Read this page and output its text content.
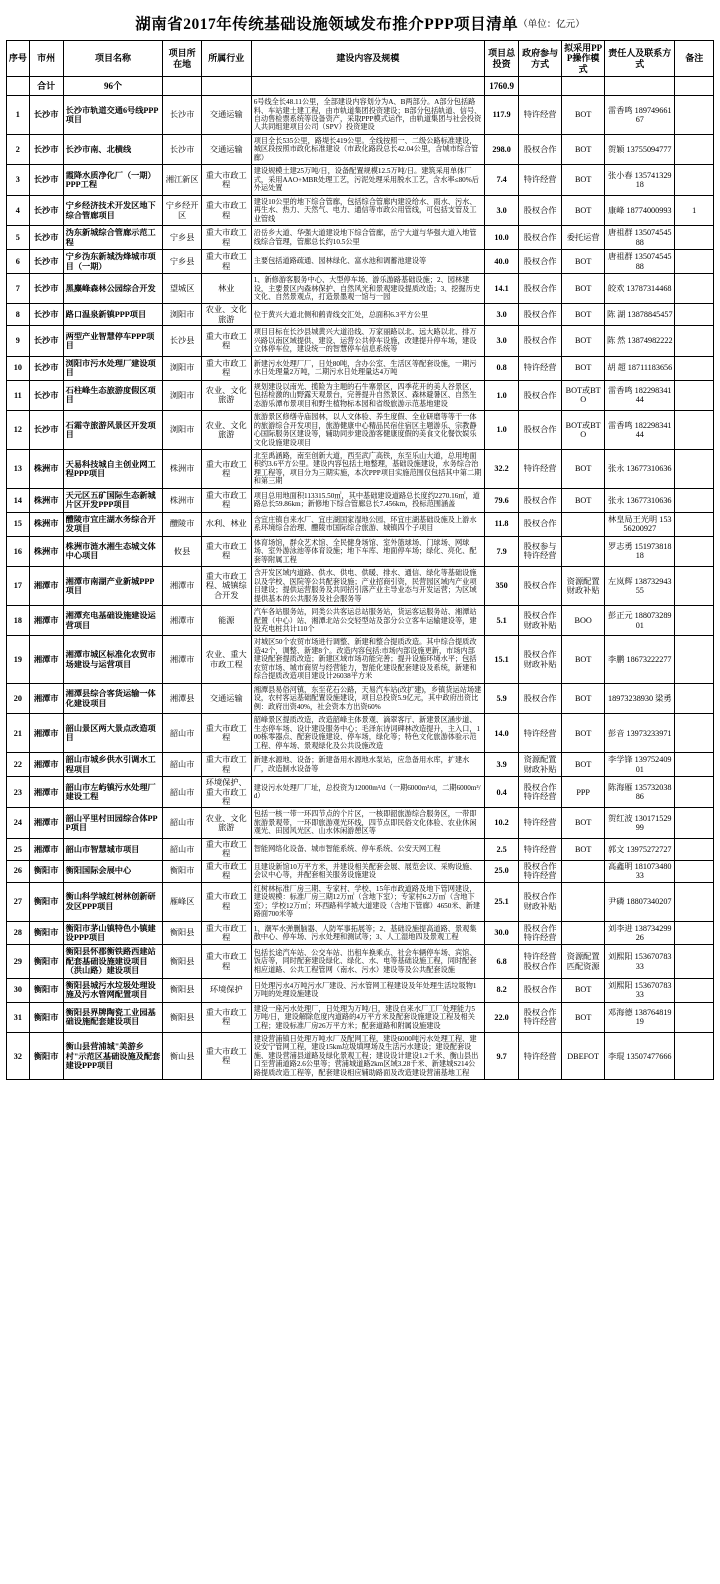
湖南省2017年传统基础设施领域发布推介PPP项目清单（单位：亿元）
序号	市州	项目名称	项目所在地	所属行业	建设内容及规模	项目总投资	政府参与方式	拟采用PPP操作模式	责任人及联系方式	备注
	合计	96个				1760.9				
1	长沙市	长沙市轨道交通6号线PPP项目	长沙市	交通运输	6号线全长48.11公里，全部建设内容划分为A、B两部分。A部分包括路料、车站建土建工程，由市轨道集团投资建设；B部分包括轨道、信号、自动售检票系统等设备资产，采取PPP模式运作，由轨道集团与社会投资人共同组建项目公司（SPV）投资建设	117.9	特许经营	BOT	雷香鸣 18974966167	
2	长沙市	长沙市南、北横线	长沙市	交通运输	项目全长535公里，路堤长419公里。全线按照一、二级公路标准建设，城区段按照市政化标准建设（市政化路段总长42.04公里，含城市综合管廊）	298.0	股权合作	BOT	贺颖 13755094777	
3	长沙市	霞降水质净化厂（一期）PPP工程	湘江新区	重大市政工程	建设规模土建25万吨/日，设备配置规模12.5万吨/日。建筑采用单体厂式，采用AAO+MBR处理工艺，污泥处理采用脱水工艺，含水率≤80%后外运处置	7.4	特许经营	BOT	张小春 13574132918	
4	长沙市	宁乡经济技术开发区地下综合管廊项目	宁乡经开区	重大市政工程	建设10公里的地下综合管廊，包括综合管廊内建设给水、雨水、污水、再生水、热力、天然气、电力、通信等市政公用管线，可包括支管及工业管线	3.0	股权合作	BOT	康峰 18774000993	1
5	长沙市	沩东新城综合管廊示范工程	宁乡县	重大市政工程	沿岳乡大道、华强大道建设地下综合管廊，岳宁大道与华强大道入地管线综合管理，管廊总长约10.5公里	10.0	股权合作	委托运营	唐祖群 13507454588	
6	长沙市	宁乡沩东新城沩烽城市项目（一期）	宁乡县	重大市政工程	主要包括道路疏通、园林绿化、富水池和调蓄池建设等	40.0	股权合作	BOT	唐祖群 13507454588	
7	长沙市	黑麋峰森林公园综合开发	望城区	林业	1、新修游客服务中心、大型停车场、游乐游路基础设施；2、园林建设，主要景区内森林保护、自然风光和景观建设提质改造；3、挖掘历史文化、自然景观点，打造景墨观一馆与一园	14.1	股权合作	BOT	皎欢 13787314468	
8	长沙市	路口温泉新镇PPP项目	浏阳市	农业、文化旅游	位于黄兴大道北侧和鹤青线交汇处，总面积6.3平方公里	3.0	股权合作	BOT	陈 湖 13878845457	
9	长沙市	两型产业智慧停车PPP项目	长沙县	重大市政工程	项目目标在长沙县城黄兴大道沿线、万家丽路以北、远大路以北、排万兴路以南区域提供、建设、运营公共停车设施，改建提升停车场，建设立体停车位，建设统一的智慧停车信息系统等	3.0	股权合作	BOT	陈 然 13874982222	
10	长沙市	浏阳市污水处理厂建设项目	浏阳市	重大市政工程	新建污水处理厂厂，日处80吨，含办公室、生活区等配套设施，一期污水日处理量2万吨，二期污水日处理量达4万吨	0.8	特许经营	BOT	胡 超 18711183656	
11	长沙市	石柱峰生态旅游度假区项目	浏阳市	农业、文化旅游	规划建设以南光、揽险为主题的石牛寨景区，四季花开的美人谷景区，包括检激的山野露天观景台，完善提升自然景区、森林避暑区、自然生态游乐潭布景项目和野生植物标本园和省级旅游示范基地建设	1.0	股权合作	BOT或BTO	雷香鸣 18229834144	
12	长沙市	石霜寺旅游风景区开发项目	浏阳市	农业、文化旅游	旅游景区修缮寺庙园林，以人文体验、养生度假、全业研磨等等干一体的旅游综合开发项目，旅游健康中心精品民宿住宿区主题游乐、宗教静心国际服务区建设等，辅助同步建设游客健康度假的美食文化餐饮娱乐文化设施建设项目	1.0	股权合作	BOT或BTO	雷香鸣 18229834144	
13	株洲市	天易科技城自主创业网工程PPP项目	株洲市	重大市政工程	北至禹涵路，南至创新大道，西至武广高铁，东至乐山大道，总用地面积约3.6平方公里。建设内容包括土地整理，基础设施建设，水务综合治理工程等，项目分为三期实施，本次PPP项目实施范围仅包括其中第二期和第三期	32.2	特许经营	BOT	张永 13677310636	
14	株洲市	天元区五矿国际生态新城片区开发PPP项目	株洲市	重大市政工程	项目总用地面积113315.50㎡，其中基础建设道路总长度约2270.16㎡，道路总长59.86km；新修地下综合管廊总长7.456km，投标范围涵盖	79.6	股权合作	BOT	张永 13677310636	
15	株洲市	醴陵市宜庄湖水务综合开发项目	醴陵市	水利、林业	含宜庄镇自来水厂、宜庄湖国家湿地公园、环宜庄湖基础设施及上游水系环境综合治理、醴陵市国际综合旅游、城镇四个子项目	11.8	股权合作		林皇局王光明 15356200927	
16	株洲市	株洲市涟水湘生态城文体中心项目	攸县	重大市政工程	体育场馆，群众艺术馆、全民健身场馆、室外篮球场、门球场、网球场、室外游泳池等体育设施；地下车库、地面停车场；绿化、亮化、配套等附属工程	7.9	股权参与特许经营		罗志勇 15197381818	
17	湘潭市	湘潭市南湖产业新城PPP项目	湘潭市	重大市政工程、城镇综合开发	含开发区域内道路、供水、供电、供暖、排水、通信、绿化等基础设施以及学校、医院等公共配套设施；产业招商引资，民营园区域内产业项目建设；提供运营服务及共同招引落产业主导业态与开发运营；为区域提供基本的公共服务及社会服务等	350	股权合作	资源配置财政补贴	左岚辉 13873294355	
18	湘潭市	湘潭充电基础设施建设运营项目	湘潭市	能源	汽车各站服务站，同类公共客运总站服务站，货运客运服务站、湘潭站配置（中心）站、湘潭北站公交轻型站及部分公立客车运输建设等，建设充电桩共计110个	5.1	股权合作财政补贴	BOO	彭正元 18807328901	
19	湘潭市	湘潭市城区标准化农贸市场建设与运营项目	湘潭市	农业、重大市政工程	对城区50个农贸市场进行调整、新建和整合提质改造。其中综合提质改造42个，调整、新建8个。改造内容包括:市场内部设施更新，市场内部建设配套提质改造；新建区域市场功能完善；提升设施环境水平；包括农贸市场、城市商贸与经营能力，智能化建设配套建设及系统，新建和综合提质改造项目建设计26038平方米	15.1	股权合作财政补贴	BOT	李鹏 18673222277	
20	湘潭市	湘潭县综合客货运输一体化建设项目	湘潭县	交通运输	湘潭县易俗河镇，东至花石公路，天易汽车站(改扩建)，乡镇货运站场建设，农村客运基础配置设施建设，项目总投资5.9亿元，其中政府出资比例：政府出资40%，社会资本方出资60%	5.9	股权合作	BOT	18973238930 梁勇	
21	湘潭市	韶山景区两大景点改造项目	韶山市	重大市政工程	韶峰景区提质改造，改造韶峰主体景观、滴翠客厅、新建景区涵步道、生态停车场、设计建设服务中心；毛泽东诗词碑林改造提升，主入口，100栋零器点、配套设施建设、停车场，绿化等；特色文化旅游体验示范工程、停车场、景观绿化及公共设施改造	14.0	特许经营	BOT	彭音 13973233971	
22	湘潭市	韶山市城乡供水引调水工程项目	韶山市	重大市政工程	新建水源地、设备；新建备用水源地水泵站，应急备用水库，扩建水厂，改造制水设备等	3.9	资源配置财政补贴	BOT	李学锋 13975240901	
23	湘潭市	韶山市左屿镇污水处理厂建设工程	韶山市	环境保护、重大市政工程	建设污水处理厂厂址，总投资为12000m³/d（一期6000m³/d，二期6000m³/d）	0.4	股权合作特许经营	PPP	陈海雁 13573203886	
24	湘潭市	韶山平里村田园综合体PPP项目	韶山市	农业、文化旅游	包括一核一带一环四节点的个片区，一核即韶旅游综合服务区，一带即旅游景观带，一环即旅游观光环线，四节点即民俗文化体验、农业休闲观光、田园风光区、山水休闲游憩区等	10.2	特许经营	BOT	贺红波 13017152999	
25	湘潭市	韶山市智慧城市项目	韶山市	重大市政工程	智能网络化设备、城市智能系统、停车系统、公安天网工程	2.5	特许经营	BOT	郭文 13975272727	
26	衡阳市	衡阳国际会展中心	衡阳市	重大市政工程	且建设新馆10万平方米，并建设相关配套会展、展览会议、采购设施、会议中心等，并配套相关服务设施建设	25.0	股权合作特许经营		高鑫明 18107348033	
27	衡阳市	衡山科学城红树林创新研发区PPP项目	雁峰区	重大市政工程	红树林标准厂房三期、专家村、学校、15年市政道路及地下管网建设，建设规模：标准厂房三期12万㎡（含地下室）；专家村6.2万㎡（含地下室）；学校12万㎡；环西路科学城大道建设（含地下管廊）4650米、新建路面700米等	25.1	股权合作财政补贴		尹磷 18807340207	
28	衡阳市	衡阳市茅山镇特色小镇建设PPP项目	衡阳县	重大市政工程	1、潮军水弹删脑器、人防军事拓展等；2、基础设施提高道路、景观集散中心、停车场、污水处理和测试等；3、人工湿地四及景观工程	30.0	股权合作特许经营		刘李进 13873429926	
29	衡阳市	衡阳县怀郡衡铁路西建站配套基础设施建设项目（洪山路）建设项目	衡阳县	重大市政工程	包括长途汽车站、公交车站、出租车换乘点、社会车辆停车场、宾馆、饭店等，同时配套建设绿化、绿化、水、电等基础设施工程，同时配套相应道路、公共工程管网（南水、污水）建设等及公共配套设施	6.8	特许经营股权合作	资源配置匹配资源	刘熙阳 15367078333	
30	衡阳市	衡阳县城污水垃圾处理设施及污水管网配置项目	衡阳县	环境保护	日处理污水4万吨污水厂建设、污水管网工程建设及年处理生活垃圾物1万吨的处理设施建设	8.2	股权合作	BOT	刘熙阳 15367078333	
31	衡阳市	衡阳县界牌陶瓷工业园基础设施配套建设项目	衡阳县	重大市政工程	建设一座污水处理厂，日处理为万吨/日，建设自来水厂工厂处理能力5万吨/日，建设解除危度内道路的4万平方米及配套设施建设工程及相关工程；建设标准厂房26万平方米；配套道路和附属设施建设	22.0	股权合作特许经营	BOT	邓海德 13876481919	
32	衡阳市	衡山县营浦城"美游乡村"示范区基础设施及配套建设PPP项目	衡山县	重大市政工程	建设营浦镇日处理万吨水厂及配网工程，建设6000吨污水处理工程、建设安宁管网工程，建设15km垃圾填埋场及生活污水建设；建设配套设施、建设营浦县道路及绿化景观工程；建设设计建设1.2千米、衡山县出口至营浦道路2.6公里等；营浦城道路2km区域3.28千米、新建城S214公路提质改造工程等，配套建设相应辅助路面及改造建设营浦基地工程	9.7	特许经营	DBEFOT	李琨 13507477666	
